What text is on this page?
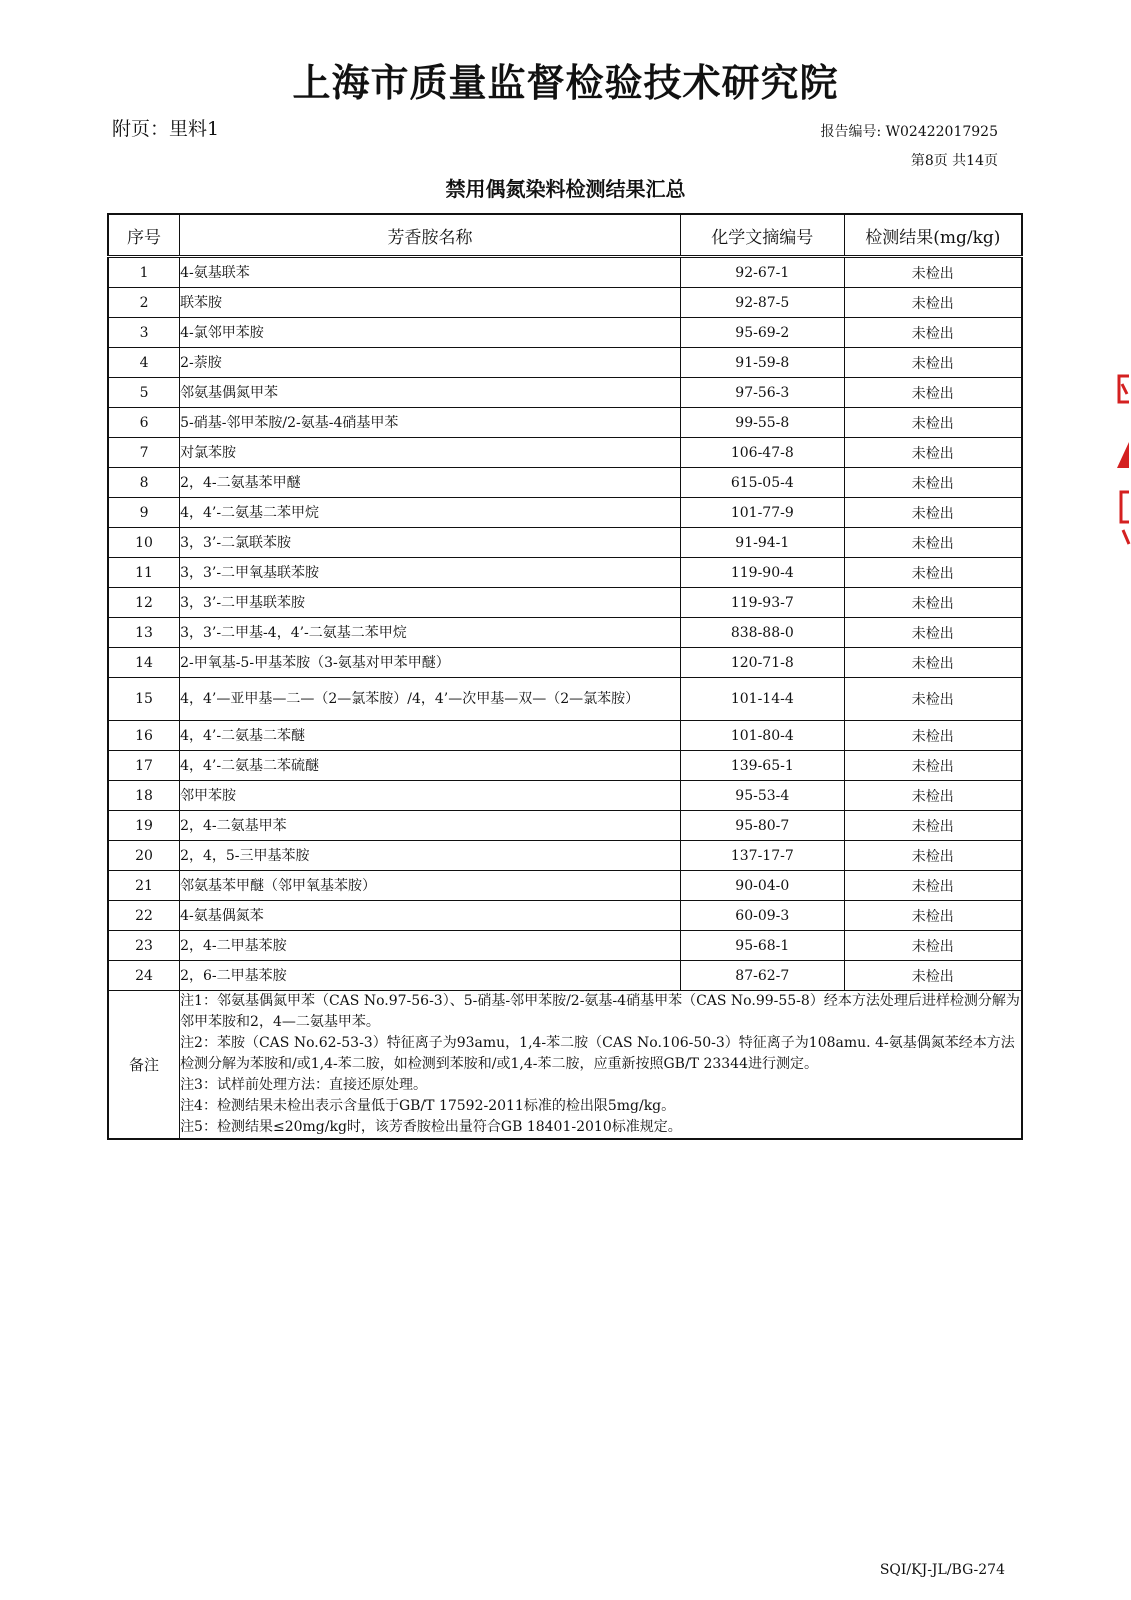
上海市质量监督检验技术研究院
附页：里料1	报告编号: W02422017925
第8页 共14页
禁用偶氮染料检测结果汇总
序号	芳香胺名称	化学文摘编号	检测结果(mg/kg)
1	4-氨基联苯	92-67-1	未检出
2	联苯胺	92-87-5	未检出
3	4-氯邻甲苯胺	95-69-2	未检出
4	2-萘胺	91-59-8	未检出
5	邻氨基偶氮甲苯	97-56-3	未检出
6	5-硝基-邻甲苯胺/2-氨基-4硝基甲苯	99-55-8	未检出
7	对氯苯胺	106-47-8	未检出
8	2，4-二氨基苯甲醚	615-05-4	未检出
9	4，4’-二氨基二苯甲烷	101-77-9	未检出
10	3，3’-二氯联苯胺	91-94-1	未检出
11	3，3’-二甲氧基联苯胺	119-90-4	未检出
12	3，3’-二甲基联苯胺	119-93-7	未检出
13	3，3’-二甲基-4，4’-二氨基二苯甲烷	838-88-0	未检出
14	2-甲氧基-5-甲基苯胺（3-氨基对甲苯甲醚）	120-71-8	未检出
15	4，4’—亚甲基—二—（2—氯苯胺）/4，4’—次甲基—双—（2—氯苯胺）	101-14-4	未检出
16	4，4’-二氨基二苯醚	101-80-4	未检出
17	4，4’-二氨基二苯硫醚	139-65-1	未检出
18	邻甲苯胺	95-53-4	未检出
19	2，4-二氨基甲苯	95-80-7	未检出
20	2，4，5-三甲基苯胺	137-17-7	未检出
21	邻氨基苯甲醚（邻甲氧基苯胺）	90-04-0	未检出
22	4-氨基偶氮苯	60-09-3	未检出
23	2，4-二甲基苯胺	95-68-1	未检出
24	2，6-二甲基苯胺	87-62-7	未检出
备注	注1：邻氨基偶氮甲苯（CAS No.97-56-3）、5-硝基-邻甲苯胺/2-氨基-4硝基甲苯（CAS No.99-55-8）经本方法处理后进样检测分解为邻甲苯胺和2，4—二氨基甲苯。
注2：苯胺（CAS No.62-53-3）特征离子为93amu，1,4-苯二胺（CAS No.106-50-3）特征离子为108amu. 4-氨基偶氮苯经本方法检测分解为苯胺和/或1,4-苯二胺，如检测到苯胺和/或1,4-苯二胺，应重新按照GB/T 23344进行测定。
注3：试样前处理方法：直接还原处理。
注4：检测结果未检出表示含量低于GB/T 17592-2011标准的检出限5mg/kg。
注5：检测结果≤20mg/kg时，该芳香胺检出量符合GB 18401-2010标准规定。		
SQI/KJ-JL/BG-274
